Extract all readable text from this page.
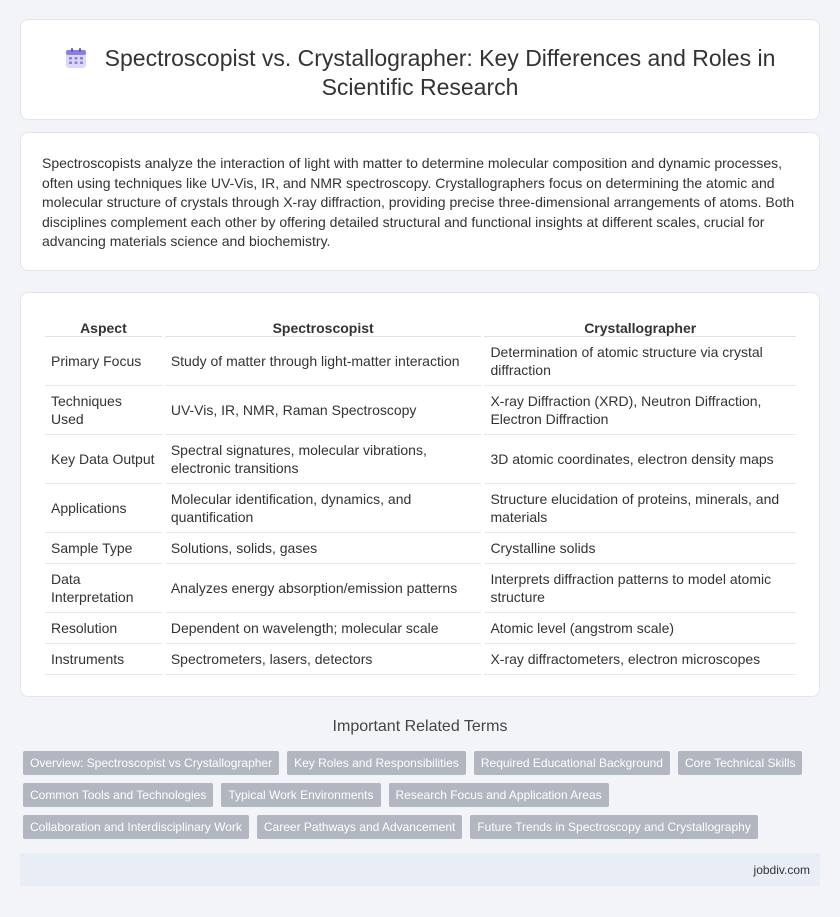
Spectroscopist vs. Crystallographer: Key Differences and Roles in Scientific Research

Spectroscopists analyze the interaction of light with matter to determine molecular composition and dynamic processes, often using techniques like UV-Vis, IR, and NMR spectroscopy. Crystallographers focus on determining the atomic and molecular structure of crystals through X-ray diffraction, providing precise three-dimensional arrangements of atoms. Both disciplines complement each other by offering detailed structural and functional insights at different scales, crucial for advancing materials science and biochemistry.

Aspect	Spectroscopist	Crystallographer
Primary Focus	Study of matter through light-matter interaction	Determination of atomic structure via crystal diffraction
Techniques Used	UV-Vis, IR, NMR, Raman Spectroscopy	X-ray Diffraction (XRD), Neutron Diffraction, Electron Diffraction
Key Data Output	Spectral signatures, molecular vibrations, electronic transitions	3D atomic coordinates, electron density maps
Applications	Molecular identification, dynamics, and quantification	Structure elucidation of proteins, minerals, and materials
Sample Type	Solutions, solids, gases	Crystalline solids
Data Interpretation	Analyzes energy absorption/emission patterns	Interprets diffraction patterns to model atomic structure
Resolution	Dependent on wavelength; molecular scale	Atomic level (angstrom scale)
Instruments	Spectrometers, lasers, detectors	X-ray diffractometers, electron microscopes
Important Related Terms
Overview: Spectroscopist vs Crystallographer	Key Roles and Responsibilities	Required Educational Background	Core Technical Skills
Common Tools and Technologies	Typical Work Environments	Research Focus and Application Areas
Collaboration and Interdisciplinary Work	Career Pathways and Advancement	Future Trends in Spectroscopy and Crystallography
jobdiv.com
